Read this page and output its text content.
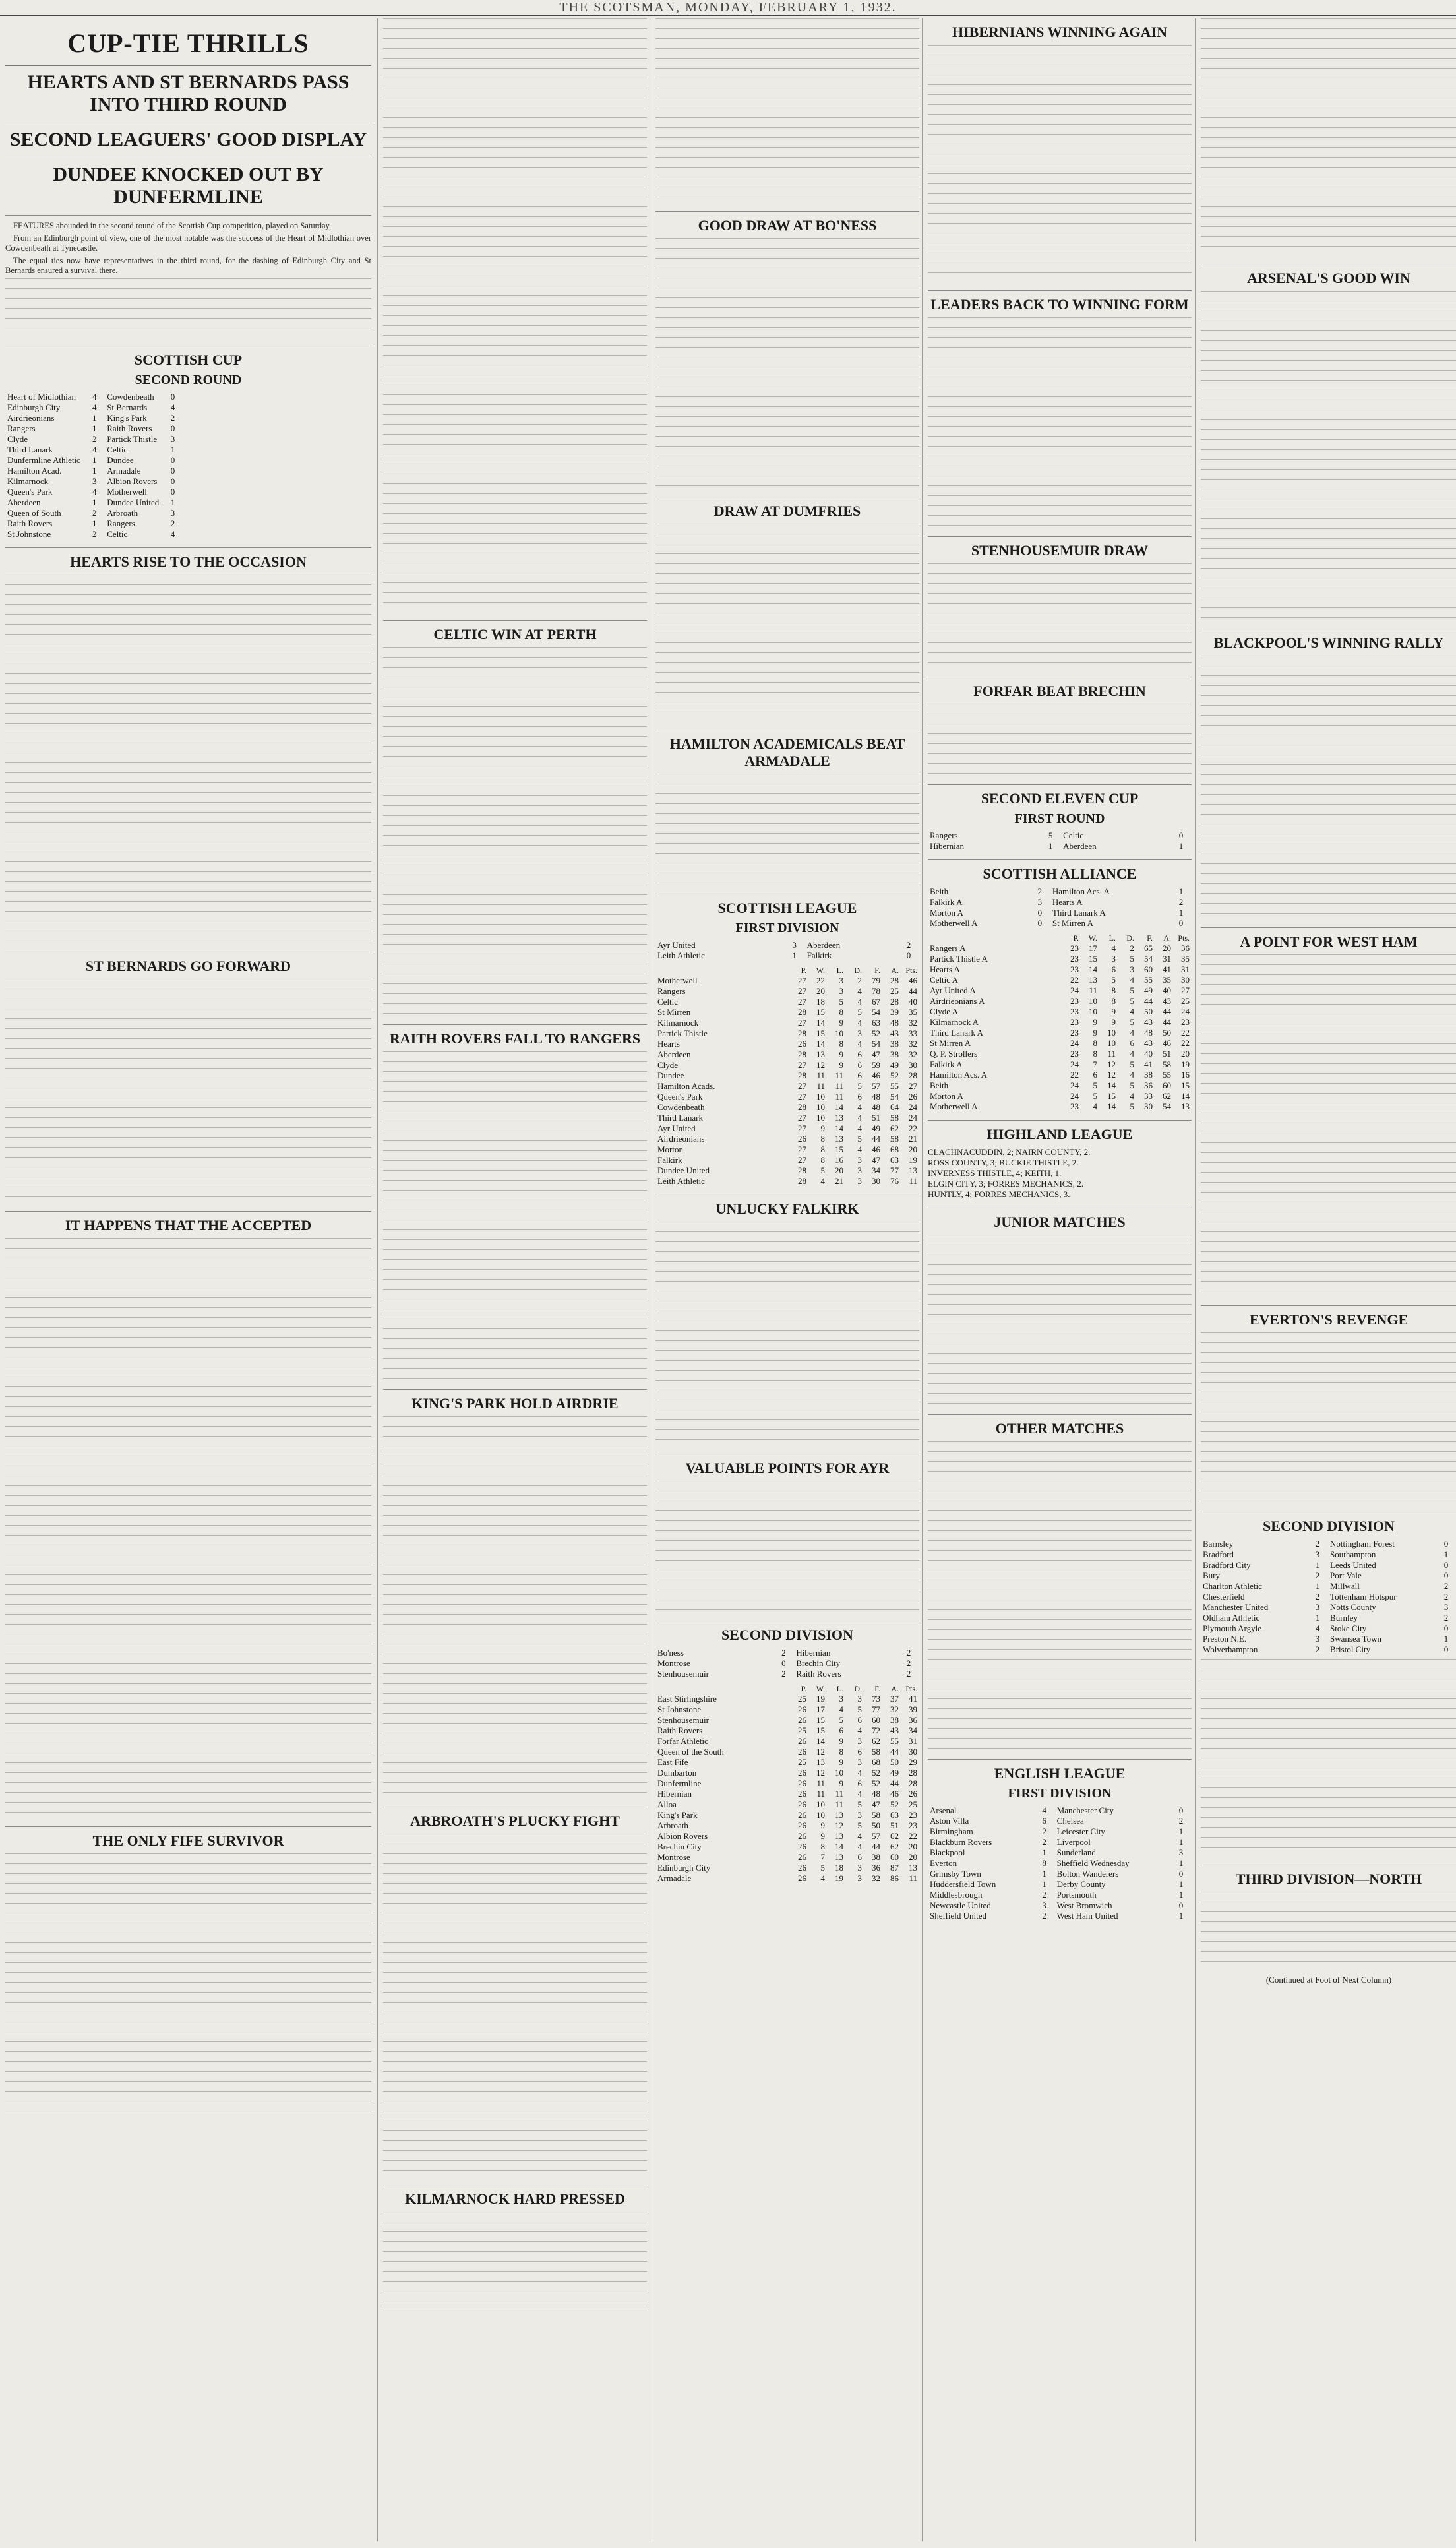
THE SCOTSMAN, MONDAY, FEBRUARY 1, 1932.
CUP-TIE THRILLS
HEARTS AND ST BERNARDS PASS INTO THIRD ROUND
SECOND LEAGUERS' GOOD DISPLAY
DUNDEE KNOCKED OUT BY DUNFERMLINE

FEATURES abounded in the second round of the Scottish Cup competition, played on Saturday.

From an Edinburgh point of view, one of the most notable was the success of the Heart of Midlothian over Cowdenbeath at Tynecastle.

The equal ties now have representatives in the third round, for the dashing of Edinburgh City and St Bernards ensured a survival there.

SCOTTISH CUP
SECOND ROUND
Heart of Midlothian	4	Cowdenbeath	0
Edinburgh City	4	St Bernards	4
Airdrieonians	1	King's Park	2
Rangers	1	Raith Rovers	0
Clyde	2	Partick Thistle	3
Third Lanark	4	Celtic	1
Dunfermline Athletic	1	Dundee	0
Hamilton Acad.	1	Armadale	0
Kilmarnock	3	Albion Rovers	0
Queen's Park	4	Motherwell	0
Aberdeen	1	Dundee United	1
Queen of South	2	Arbroath	3
Raith Rovers	1	Rangers	2
St Johnstone	2	Celtic	4
HEARTS RISE TO THE OCCASION
ST BERNARDS GO FORWARD
IT HAPPENS THAT THE ACCEPTED
THE ONLY FIFE SURVIVOR
CELTIC WIN AT PERTH
RAITH ROVERS FALL TO RANGERS
KING'S PARK HOLD AIRDRIE
ARBROATH'S PLUCKY FIGHT
KILMARNOCK HARD PRESSED
GOOD DRAW AT BO'NESS
DRAW AT DUMFRIES
HAMILTON ACADEMICALS BEAT ARMADALE
SCOTTISH LEAGUE
FIRST DIVISION
Ayr United	3	Aberdeen	2
Leith Athletic	1	Falkirk	0
	P.	W.	L.	D.	F.	A.	Pts.
Motherwell	27	22	3	2	79	28	46
Rangers	27	20	3	4	78	25	44
Celtic	27	18	5	4	67	28	40
St Mirren	28	15	8	5	54	39	35
Kilmarnock	27	14	9	4	63	48	32
Partick Thistle	28	15	10	3	52	43	33
Hearts	26	14	8	4	54	38	32
Aberdeen	28	13	9	6	47	38	32
Clyde	27	12	9	6	59	49	30
Dundee	28	11	11	6	46	52	28
Hamilton Acads.	27	11	11	5	57	55	27
Queen's Park	27	10	11	6	48	54	26
Cowdenbeath	28	10	14	4	48	64	24
Third Lanark	27	10	13	4	51	58	24
Ayr United	27	9	14	4	49	62	22
Airdrieonians	26	8	13	5	44	58	21
Morton	27	8	15	4	46	68	20
Falkirk	27	8	16	3	47	63	19
Dundee United	28	5	20	3	34	77	13
Leith Athletic	28	4	21	3	30	76	11
UNLUCKY FALKIRK
VALUABLE POINTS FOR AYR
SECOND DIVISION
Bo'ness	2	Hibernian	2
Montrose	0	Brechin City	2
Stenhousemuir	2	Raith Rovers	2
	P.	W.	L.	D.	F.	A.	Pts.
East Stirlingshire	25	19	3	3	73	37	41
St Johnstone	26	17	4	5	77	32	39
Stenhousemuir	26	15	5	6	60	38	36
Raith Rovers	25	15	6	4	72	43	34
Forfar Athletic	26	14	9	3	62	55	31
Queen of the South	26	12	8	6	58	44	30
East Fife	25	13	9	3	68	50	29
Dumbarton	26	12	10	4	52	49	28
Dunfermline	26	11	9	6	52	44	28
Hibernian	26	11	11	4	48	46	26
Alloa	26	10	11	5	47	52	25
King's Park	26	10	13	3	58	63	23
Arbroath	26	9	12	5	50	51	23
Albion Rovers	26	9	13	4	57	62	22
Brechin City	26	8	14	4	44	62	20
Montrose	26	7	13	6	38	60	20
Edinburgh City	26	5	18	3	36	87	13
Armadale	26	4	19	3	32	86	11
HIBERNIANS WINNING AGAIN
LEADERS BACK TO WINNING FORM
STENHOUSEMUIR DRAW
FORFAR BEAT BRECHIN
SECOND ELEVEN CUP
FIRST ROUND
Rangers	5	Celtic	0
Hibernian	1	Aberdeen	1
SCOTTISH ALLIANCE
Beith	2	Hamilton Acs. A	1
Falkirk A	3	Hearts A	2
Morton A	0	Third Lanark A	1
Motherwell A	0	St Mirren A	0
	P.	W.	L.	D.	F.	A.	Pts.
Rangers A	23	17	4	2	65	20	36
Partick Thistle A	23	15	3	5	54	31	35
Hearts A	23	14	6	3	60	41	31
Celtic A	22	13	5	4	55	35	30
Ayr United A	24	11	8	5	49	40	27
Airdrieonians A	23	10	8	5	44	43	25
Clyde A	23	10	9	4	50	44	24
Kilmarnock A	23	9	9	5	43	44	23
Third Lanark A	23	9	10	4	48	50	22
St Mirren A	24	8	10	6	43	46	22
Q. P. Strollers	23	8	11	4	40	51	20
Falkirk A	24	7	12	5	41	58	19
Hamilton Acs. A	22	6	12	4	38	55	16
Beith	24	5	14	5	36	60	15
Morton A	24	5	15	4	33	62	14
Motherwell A	23	4	14	5	30	54	13
HIGHLAND LEAGUE
CLACHNACUDDIN, 2; NAIRN COUNTY, 2.
ROSS COUNTY, 3; BUCKIE THISTLE, 2.
INVERNESS THISTLE, 4; KEITH, 1.
ELGIN CITY, 3; FORRES MECHANICS, 2.
HUNTLY, 4; FORRES MECHANICS, 3.
JUNIOR MATCHES
OTHER MATCHES
ENGLISH LEAGUE
FIRST DIVISION
Arsenal	4	Manchester City	0
Aston Villa	6	Chelsea	2
Birmingham	2	Leicester City	1
Blackburn Rovers	2	Liverpool	1
Blackpool	1	Sunderland	3
Everton	8	Sheffield Wednesday	1
Grimsby Town	1	Bolton Wanderers	0
Huddersfield Town	1	Derby County	1
Middlesbrough	2	Portsmouth	1
Newcastle United	3	West Bromwich	0
Sheffield United	2	West Ham United	1
ARSENAL'S GOOD WIN
BLACKPOOL'S WINNING RALLY
A POINT FOR WEST HAM
EVERTON'S REVENGE
SECOND DIVISION
Barnsley	2	Nottingham Forest	0
Bradford	3	Southampton	1
Bradford City	1	Leeds United	0
Bury	2	Port Vale	0
Charlton Athletic	1	Millwall	2
Chesterfield	2	Tottenham Hotspur	2
Manchester United	3	Notts County	3
Oldham Athletic	1	Burnley	2
Plymouth Argyle	4	Stoke City	0
Preston N.E.	3	Swansea Town	1
Wolverhampton	2	Bristol City	0
THIRD DIVISION—NORTH
(Continued at Foot of Next Column)
